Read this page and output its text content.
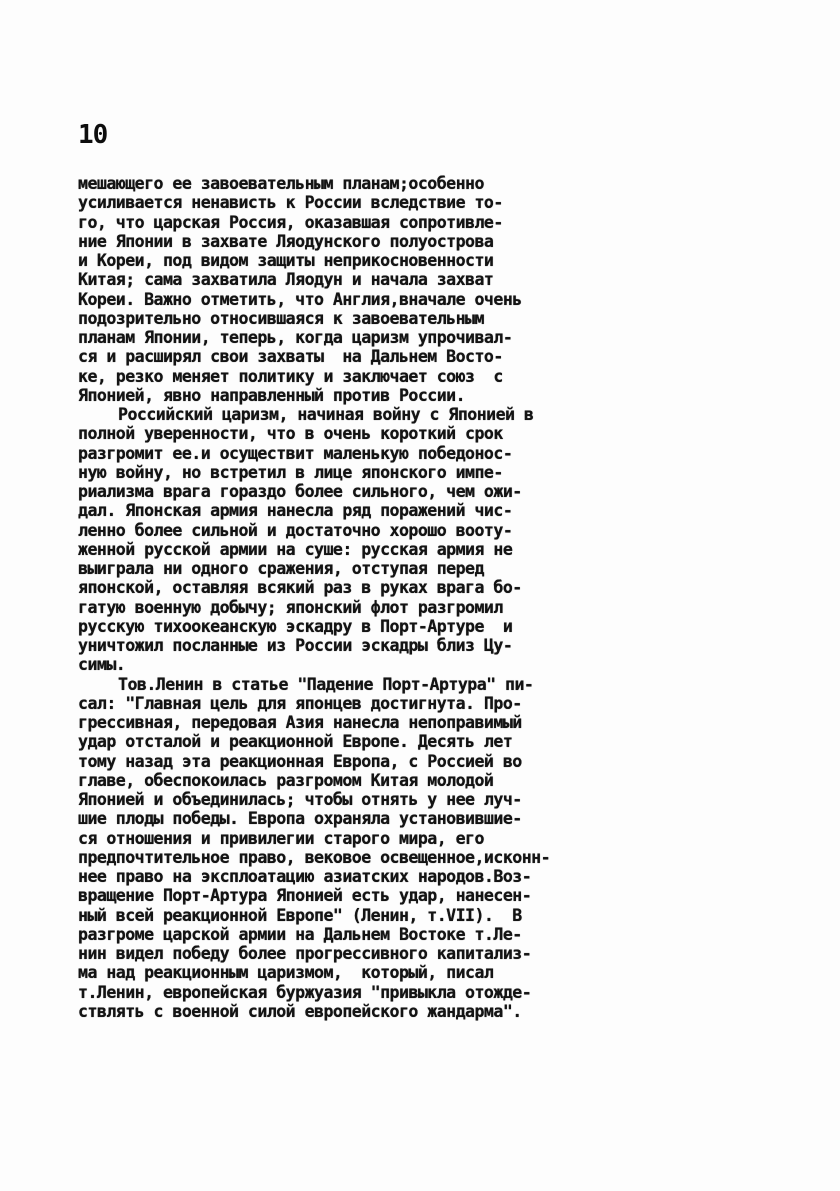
10
мешающего ее завоевательным планам;особенно
усиливается ненависть к России вследствие то-
го, что царская Россия, оказавшая сопротивле-
ние Японии в захвате Ляодунского полуострова
и Кореи, под видом защиты неприкосновенности
Китая; сама захватила Ляодун и начала захват
Кореи. Важно отметить, что Англия,вначале очень
подозрительно относившаяся к завоевательным
планам Японии, теперь, когда царизм упрочивал-
ся и расширял свои захваты  на Дальнем Восто-
ке, резко меняет политику и заключает союз  с
Японией, явно направленный против России.
Российский царизм, начиная войну с Японией в
полной уверенности, что в очень короткий срок
разгромит ее.и осуществит маленькую победонос-
ную войну, но встретил в лице японского импе-
риализма врага гораздо более сильного, чем ожи-
дал. Японская армия нанесла ряд поражений чис-
ленно более сильной и достаточно хорошо вооту-
женной русской армии на суше: русская армия не
выиграла ни одного сражения, отступая перед
японской, оставляя всякий раз в руках врага бо-
гатую военную добычу; японский флот разгромил
русскую тихоокеанскую эскадру в Порт-Артуре  и
уничтожил посланные из России эскадры близ Цу-
симы.
Тов.Ленин в статье "Падение Порт-Артура" пи-
сал: "Главная цель для японцев достигнута. Про-
грессивная, передовая Азия нанесла непоправимый
удар отсталой и реакционной Европе. Десять лет
тому назад эта реакционная Европа, с Россией во
главе, обеспокоилась разгромом Китая молодой
Японией и объединилась; чтобы отнять у нее луч-
шие плоды победы. Европа охраняла установившие-
ся отношения и привилегии старого мира, его
предпочтительное право, вековое освещенное,исконн-
нее право на эксплоатацию азиатских народов.Воз-
вращение Порт-Артура Японией есть удар, нанесен-
ный всей реакционной Европе" (Ленин, т.VII).  В
разгроме царской армии на Дальнем Востоке т.Ле-
нин видел победу более прогрессивного капитализ-
ма над реакционным царизмом,  который, писал
т.Ленин, европейская буржуазия "привыкла отожде-
ствлять с военной силой европейского жандарма".
